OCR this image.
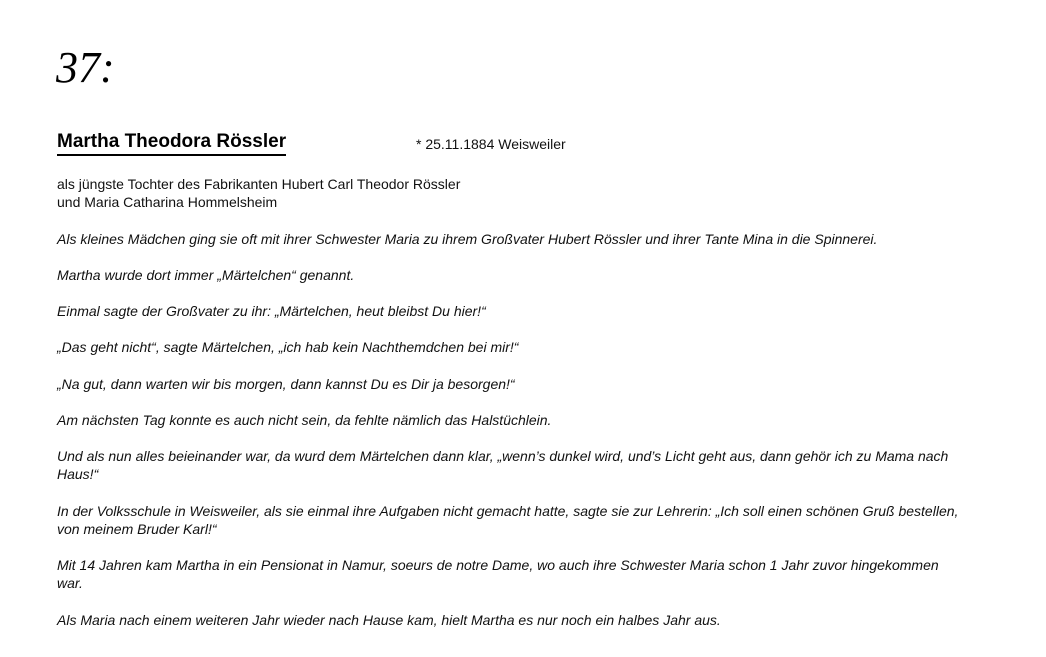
37:
Martha Theodora Rössler	* 25.11.1884 Weisweiler
als jüngste Tochter des Fabrikanten Hubert Carl Theodor Rössler
und Maria Catharina Hommelsheim

Als kleines Mädchen ging sie oft mit ihrer Schwester Maria zu ihrem Großvater Hubert Rössler und ihrer Tante Mina in die Spinnerei.

Martha wurde dort immer „Märtelchen“ genannt.

Einmal sagte der Großvater zu ihr: „Märtelchen, heut bleibst Du hier!“

„Das geht nicht“, sagte Märtelchen, „ich hab kein Nachthemdchen bei mir!“

„Na gut, dann warten wir bis morgen, dann kannst Du es Dir ja besorgen!“

Am nächsten Tag konnte es auch nicht sein, da fehlte nämlich das Halstüchlein.

Und als nun alles beieinander war, da wurd dem Märtelchen dann klar, „wenn’s dunkel wird, und’s Licht geht aus, dann gehör ich zu Mama nach Haus!“

In der Volksschule in Weisweiler, als sie einmal ihre Aufgaben nicht gemacht hatte, sagte sie zur Lehrerin: „Ich soll einen schönen Gruß bestellen, von meinem Bruder Karl!“

Mit 14 Jahren kam Martha in ein Pensionat in Namur, soeurs de notre Dame, wo auch ihre Schwester Maria schon 1 Jahr zuvor hingekommen war.

Als Maria nach einem weiteren Jahr wieder nach Hause kam, hielt Martha es nur noch ein halbes Jahr aus.
